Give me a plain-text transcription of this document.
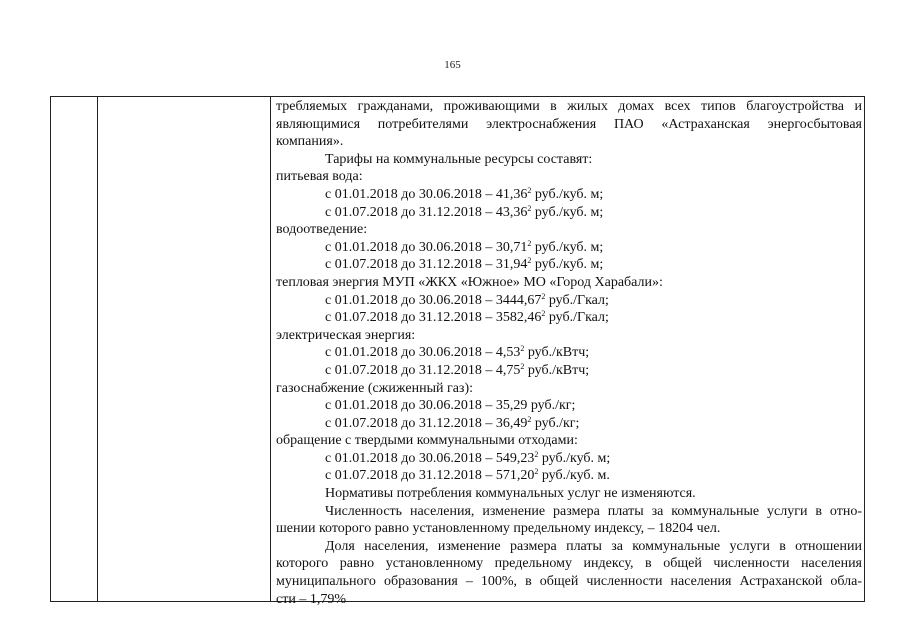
165

требляемых гражданами, проживающими в жилых домах всех типов благоустройства и

являющимися потребителями электроснабжения ПАО «Астраханская энергосбытовая

компания».

Тарифы на коммунальные ресурсы составят:

питьевая вода:

с 01.01.2018 до 30.06.2018 – 41,36$^2$ руб./куб. м;

с 01.07.2018 до 31.12.2018 – 43,36$^2$ руб./куб. м;

водоотведение:

с 01.01.2018 до 30.06.2018 – 30,71$^2$ руб./куб. м;

с 01.07.2018 до 31.12.2018 – 31,94$^2$ руб./куб. м;

тепловая энергия МУП «ЖКХ «Южное» МО «Город Харабали»:

с 01.01.2018 до 30.06.2018 – 3444,67$^2$ руб./Гкал;

с 01.07.2018 до 31.12.2018 – 3582,46$^2$ руб./Гкал;

электрическая энергия:

с 01.01.2018 до 30.06.2018 – 4,53$^2$ руб./кВтч;

с 01.07.2018 до 31.12.2018 – 4,75$^2$ руб./кВтч;

газоснабжение (сжиженный газ):

с 01.01.2018 до 30.06.2018 – 35,29 руб./кг;

с 01.07.2018 до 31.12.2018 – 36,49$^2$ руб./кг;

обращение с твердыми коммунальными отходами:

с 01.01.2018 до 30.06.2018 – 549,23$^2$ руб./куб. м;

с 01.07.2018 до 31.12.2018 – 571,20$^2$ руб./куб. м.

Нормативы потребления коммунальных услуг не изменяются.

Численность населения, изменение размера платы за коммунальные услуги в отно-

шении которого равно установленному предельному индексу, – 18204 чел.

Доля населения, изменение размера платы за коммунальные услуги в отношении

которого равно установленному предельному индексу, в общей численности населения

муниципального образования – 100%, в общей численности населения Астраханской обла-

сти – 1,79%
